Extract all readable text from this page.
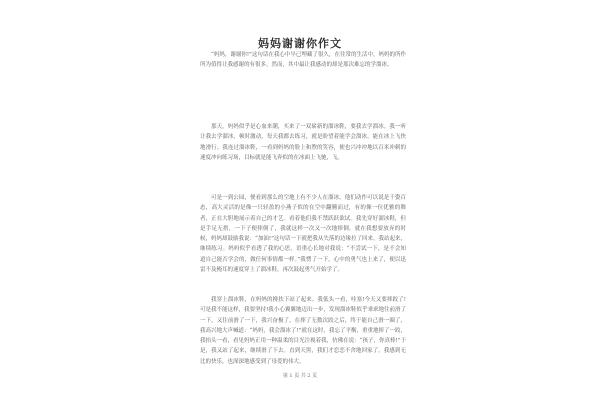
妈妈谢谢你作文

“妈妈，谢谢你!”这句话在我心中早已埋藏了很久，在往常的生活中，妈妈的所作所为值得让我感谢的有很多。然而，其中最让我感动的却是那次难忘的学溜冰。

那天，妈妈似乎是心血来潮，买来了一双崭新的溜冰鞋，要我去学溜冰。我一听让我去学溜冰，顿时激动，每天我都去练习，就是盼望着能学会溜冰，能在冰上飞快地滑行。我连过溜冰鞋，一看到妈妈的脸上和煦的笑容，便也兴冲冲地以百米冲刺的速度冲向练习场，目标就是能飞奔似的在冰面上飞驰，飞。

可是一到公园，便看到那么的空地上有不少人在溜冰，他们动作可以说是千姿百态，高大灵活的是像一只轻盈的小燕子似的在空中翻腾而过，有的像一位优雅的舞者，正在大胆地展示着自己的才艺。看着他们我不禁跃跃欲试。我先穿好溜冰鞋，但是手足无措，一下子便摔倒了，我就这样一次又一次地摔倒。就在我想要放弃的时候，妈妈却鼓励我说：“加油!”这句话一下就把我从失落的边缘拉了回来。我站起来，继续练习。妈妈似乎看透了我的心思，语重心长地对我说：“不尝试一下，是不会知道自己能否学会的，做任何事情都一样。”我愣了一下，心中的勇气也上来了，便以迅雷不及掩耳的速度穿上了溜冰鞋，再次鼓起勇气开始学了。

我穿上溜冰鞋，在妈妈的搀扶下站了起来。我低头一看，哇塞!今天又要摔跤了!可是我不能这样，我要坚持!我小心翼翼地迈出一步，发现溜冰鞋似乎乖乖地往前滑了一下，又往前滑了一下，我兴奋极了，在摔了无数次跤之后，终于能自己滑一圈了，我高兴地大声喊道：“妈妈，我会溜冰了!”就在这时，我忘了平衡，重重地摔了一跤，我抬头一看，看见妈妈正用一种温柔的目光注视着我，仿佛在说：“孩子，你真棒!”于是，我又站了起来，继续滑了下去。直到天黑，我们才恋恋不舍地回家了。我感到无比的快乐，也深深地感受到了母爱的伟大。

第 1 页 共 2 页
